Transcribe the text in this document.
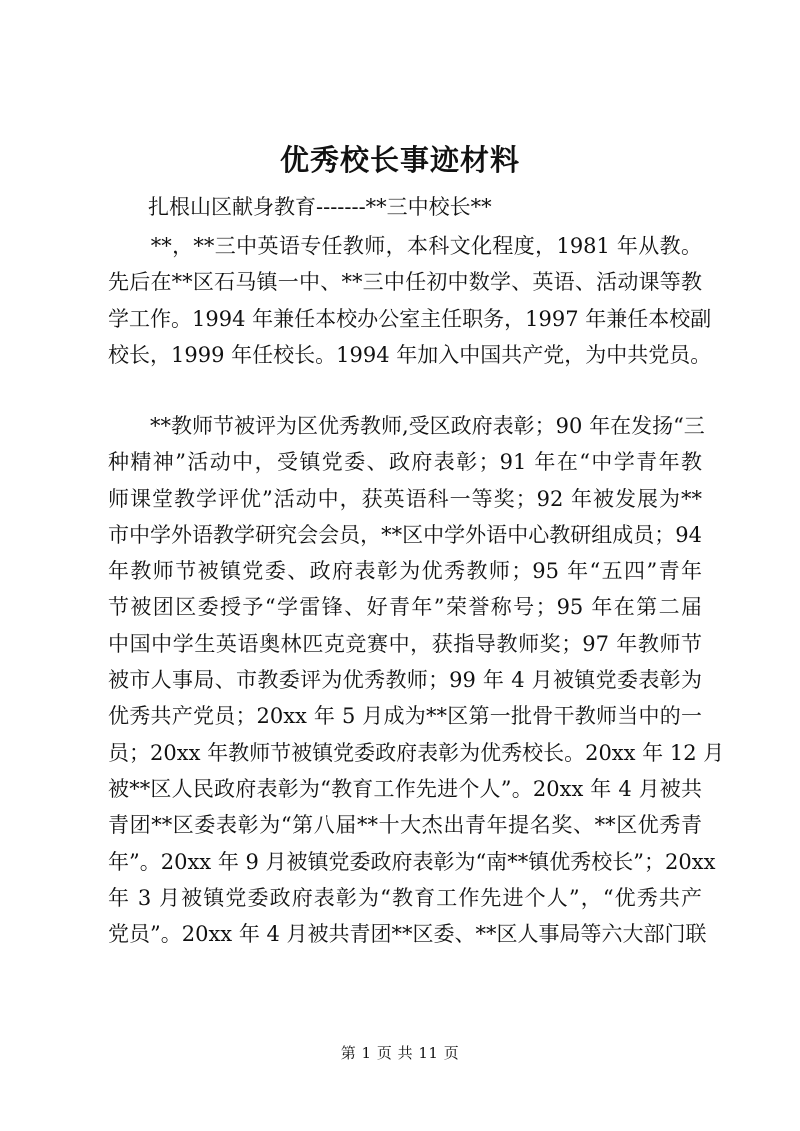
优秀校长事迹材料
扎根山区献身教育-------**三中校长**
　　**，**三中英语专任教师，本科文化程度，1981 年从教。
先后在**区石马镇一中、**三中任初中数学、英语、活动课等教
学工作。1994 年兼任本校办公室主任职务，1997 年兼任本校副
校长，1999 年任校长。1994 年加入中国共产党，为中共党员。
　　**教师节被评为区优秀教师,受区政府表彰；90 年在发扬“三
种精神”活动中，受镇党委、政府表彰；91 年在“中学青年教
师课堂教学评优”活动中，获英语科一等奖；92 年被发展为**
市中学外语教学研究会会员，**区中学外语中心教研组成员；94
年教师节被镇党委、政府表彰为优秀教师；95 年“五四”青年
节被团区委授予“学雷锋、好青年”荣誉称号；95 年在第二届
中国中学生英语奥林匹克竞赛中，获指导教师奖；97 年教师节
被市人事局、市教委评为优秀教师；99 年 4 月被镇党委表彰为
优秀共产党员；20xx 年 5 月成为**区第一批骨干教师当中的一
员；20xx 年教师节被镇党委政府表彰为优秀校长。20xx 年 12 月
被**区人民政府表彰为“教育工作先进个人”。20xx 年 4 月被共
青团**区委表彰为“第八届**十大杰出青年提名奖、**区优秀青
年”。20xx 年 9 月被镇党委政府表彰为“南**镇优秀校长”；20xx
年 3 月被镇党委政府表彰为“教育工作先进个人”，“优秀共产
党员”。20xx 年 4 月被共青团**区委、**区人事局等六大部门联
第 1 页 共 11 页
